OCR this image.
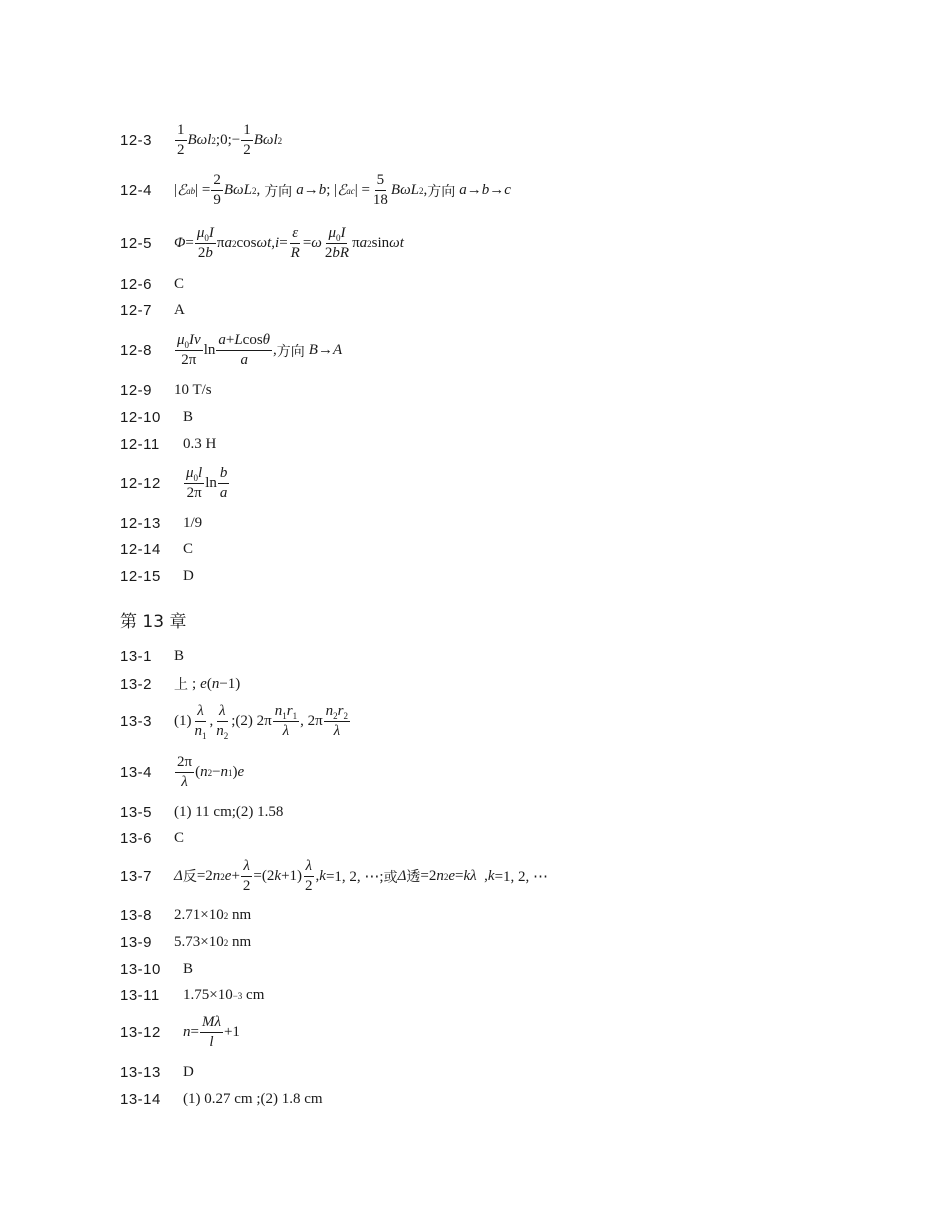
12-3
1
2
Bωl 2 ;0;−
1
2
Bωl 2
12-4	| ℰ ab | =
2
9
BωL 2 , 方向 a → b ; | ℰ ac | =
5
18
BωL 2 , 方向 a → b → c
12-5	Φ =
$\mu_0I$
2b
π a 2 cos ωt , i =
ε
R
= ω
$\mu_0I$
2bR
π a 2 sin ωt
12-6	C
12-7	A
12-8
$\mu_0Iv$
2π
ln
a+Lcosθ
a
, 方向 B → A
12-9	10 T/s
12-10	B
12-11	0.3 H
12-12
$\mu_0l$
2π
ln
b
a
12-13	1/9
12-14	C
12-15	D
第 13 章
13-1	B
13-2	上 ; e ( n −1)
13-3	(1)
λ
$n_1$
,
λ
$n_2$
;(2) 2π
$n_1r_1$
λ
, 2π
$n_2r_2$
λ
13-4
2π
λ
( n 2 − n 1 ) e
13-5	(1) 11 cm;(2) 1.58
13-6	C
13-7	Δ 反 =2 n 2 e +
λ
2
=(2 k +1)
λ
2
, k =1, 2, ⋯; 或 Δ 透 =2 n 2 e = kλ , k =1, 2, ⋯
13-8	2.71×10 2 nm
13-9	5.73×10 2 nm
13-10	B
13-11	1.75×10 −3 cm
13-12	n =
Mλ
l
+1
13-13	D
13-14	(1) 0.27 cm ;(2) 1.8 cm
